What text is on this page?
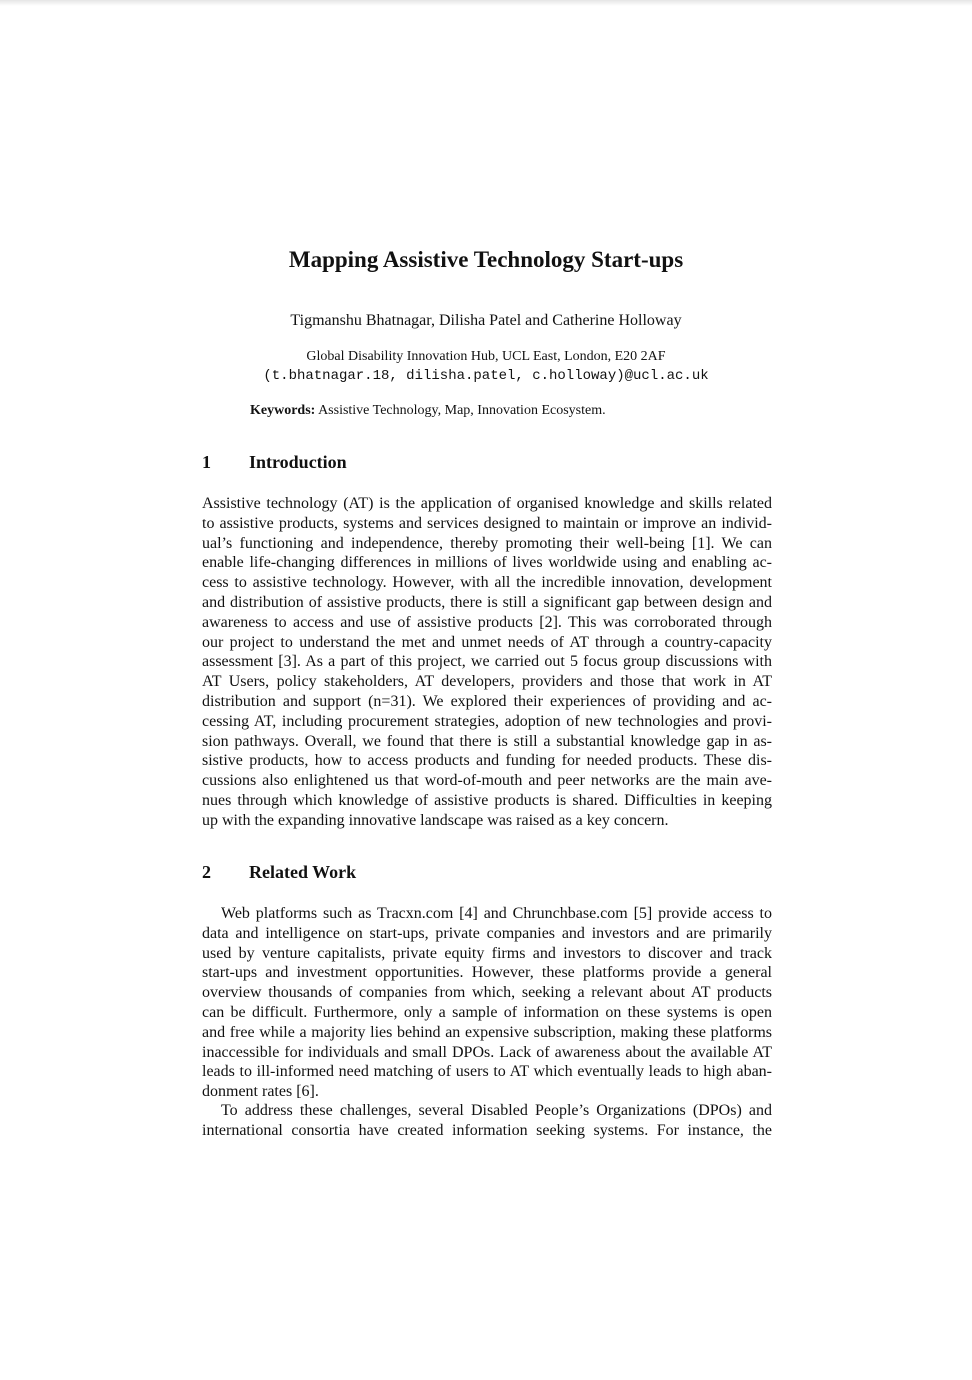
Mapping Assistive Technology Start-ups

Tigmanshu Bhatnagar, Dilisha Patel and Catherine Holloway

Global Disability Innovation Hub, UCL East, London, E20 2AF

(t.bhatnagar.18, dilisha.patel, c.holloway)@ucl.ac.uk

Keywords: Assistive Technology, Map, Innovation Ecosystem.

1 Introduction
Assistive technology (AT) is the application of organised knowledge and skills related
to assistive products, systems and services designed to maintain or improve an individ-
ual’s functioning and independence, thereby promoting their well-being [1]. We can
enable life-changing differences in millions of lives worldwide using and enabling ac-
cess to assistive technology. However, with all the incredible innovation, development
and distribution of assistive products, there is still a significant gap between design and
awareness to access and use of assistive products [2]. This was corroborated through
our project to understand the met and unmet needs of AT through a country-capacity
assessment [3]. As a part of this project, we carried out 5 focus group discussions with
AT Users, policy stakeholders, AT developers, providers and those that work in AT
distribution and support (n=31). We explored their experiences of providing and ac-
cessing AT, including procurement strategies, adoption of new technologies and provi-
sion pathways. Overall, we found that there is still a substantial knowledge gap in as-
sistive products, how to access products and funding for needed products. These dis-
cussions also enlightened us that word-of-mouth and peer networks are the main ave-
nues through which knowledge of assistive products is shared. Difficulties in keeping
up with the expanding innovative landscape was raised as a key concern.
2 Related Work
Web platforms such as Tracxn.com [4] and Chrunchbase.com [5] provide access to
data and intelligence on start-ups, private companies and investors and are primarily
used by venture capitalists, private equity firms and investors to discover and track
start-ups and investment opportunities. However, these platforms provide a general
overview thousands of companies from which, seeking a relevant about AT products
can be difficult. Furthermore, only a sample of information on these systems is open
and free while a majority lies behind an expensive subscription, making these platforms
inaccessible for individuals and small DPOs. Lack of awareness about the available AT
leads to ill-informed need matching of users to AT which eventually leads to high aban-
donment rates [6].
To address these challenges, several Disabled People’s Organizations (DPOs) and
international consortia have created information seeking systems. For instance, the
